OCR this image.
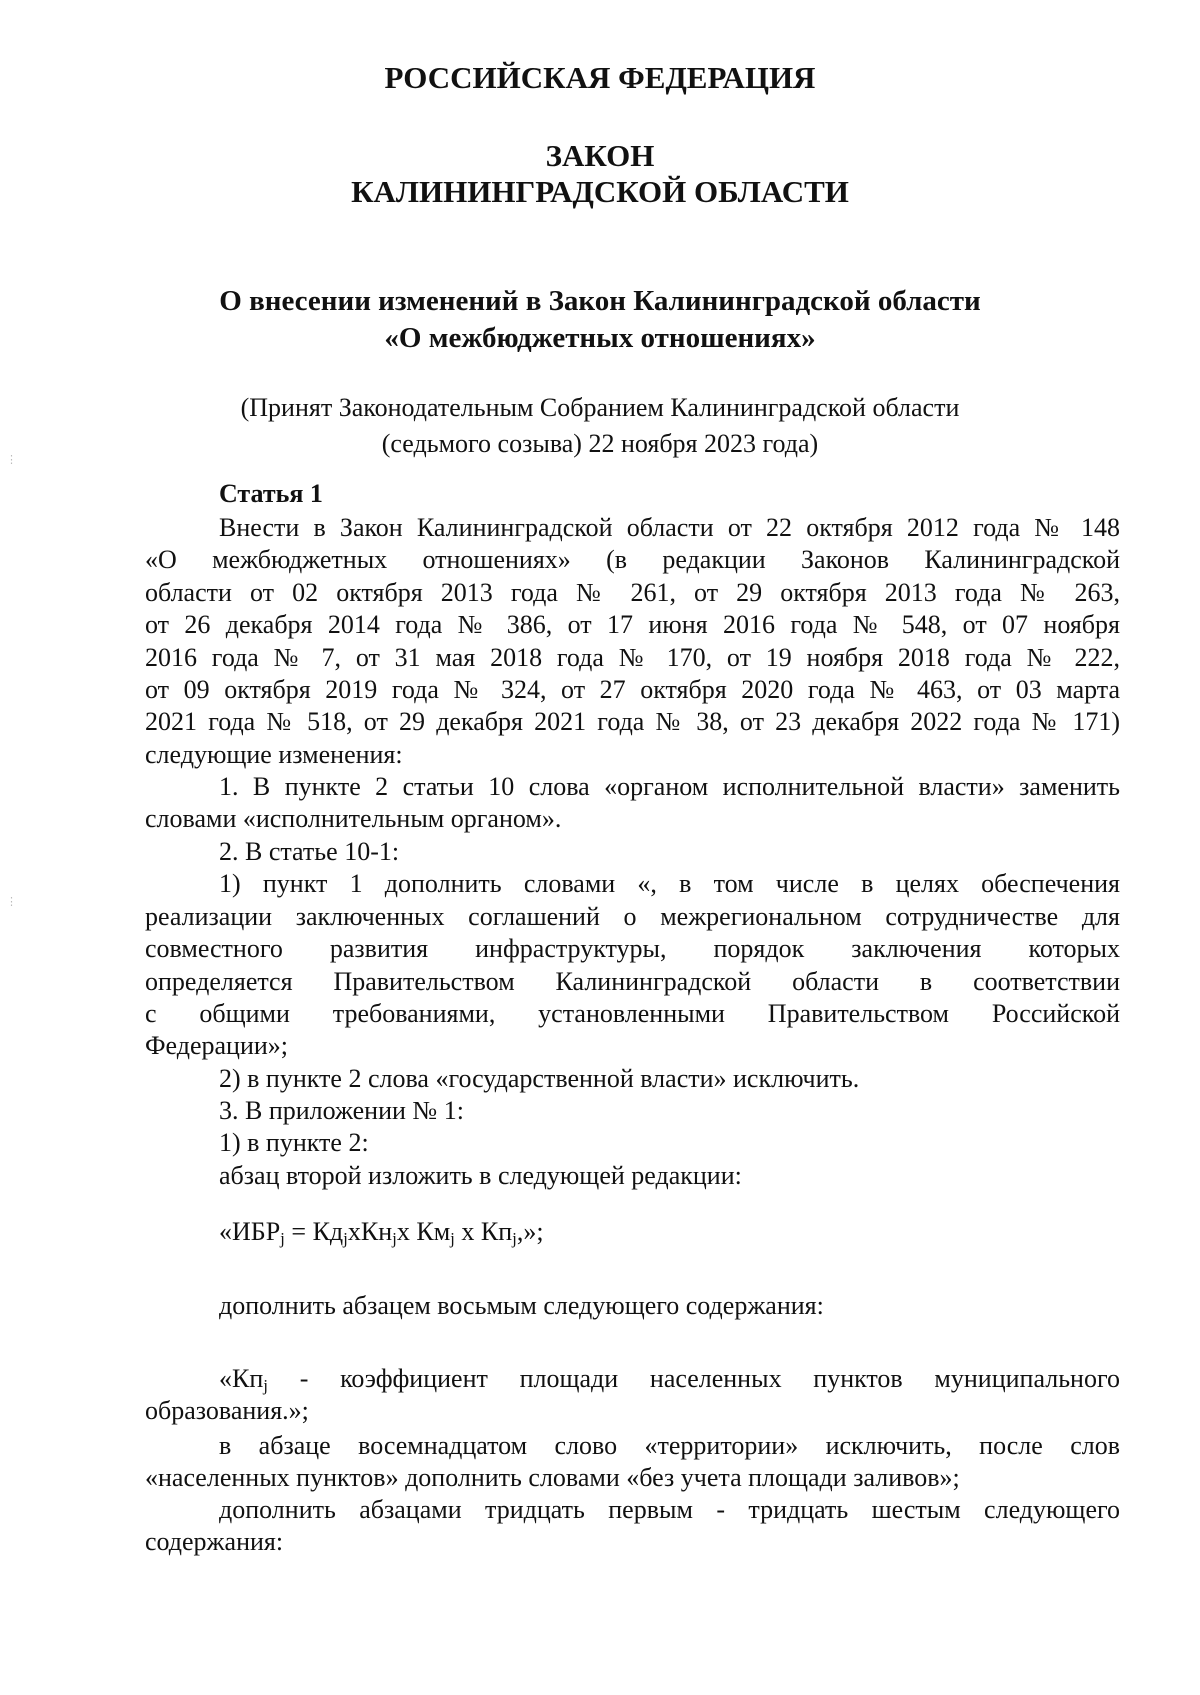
⋮
⋮
РОССИЙСКАЯ ФЕДЕРАЦИЯ
ЗАКОН
КАЛИНИНГРАДСКОЙ ОБЛАСТИ
О внесении изменений в Закон Калининградской области
«О межбюджетных отношениях»
(Принят Законодательным Собранием Калининградской области
(седьмого созыва) 22 ноября 2023 года)
Статья 1
Внести в Закон Калининградской области от 22 октября 2012 года № 148
«О межбюджетных отношениях» (в редакции Законов Калининградской
области от 02 октября 2013 года № 261, от 29 октября 2013 года № 263,
от 26 декабря 2014 года № 386, от 17 июня 2016 года № 548, от 07 ноября
2016 года № 7, от 31 мая 2018 года № 170, от 19 ноября 2018 года № 222,
от 09 октября 2019 года № 324, от 27 октября 2020 года № 463, от 03 марта
2021 года № 518, от 29 декабря 2021 года № 38, от 23 декабря 2022 года № 171)
следующие изменения:
1. В пункте 2 статьи 10 слова «органом исполнительной власти» заменить
словами «исполнительным органом».
2. В статье 10-1:
1) пункт 1 дополнить словами «, в том числе в целях обеспечения
реализации заключенных соглашений о межрегиональном сотрудничестве для
совместного развития инфраструктуры, порядок заключения которых
определяется Правительством Калининградской области в соответствии
с общими требованиями, установленными Правительством Российской
Федерации»;
2) в пункте 2 слова «государственной власти» исключить.
3. В приложении № 1:
1) в пункте 2:
абзац второй изложить в следующей редакции:
«$ИБР_j = Кд_jхКн_jх$ $Км_j$ х $Кп_j$,»;
дополнить абзацем восьмым следующего содержания:
«$Кп_j$ - коэффициент площади населенных пунктов муниципального
образования.»;
в абзаце восемнадцатом слово «территории» исключить, после слов
«населенных пунктов» дополнить словами «без учета площади заливов»;
дополнить абзацами тридцать первым - тридцать шестым следующего
содержания:
